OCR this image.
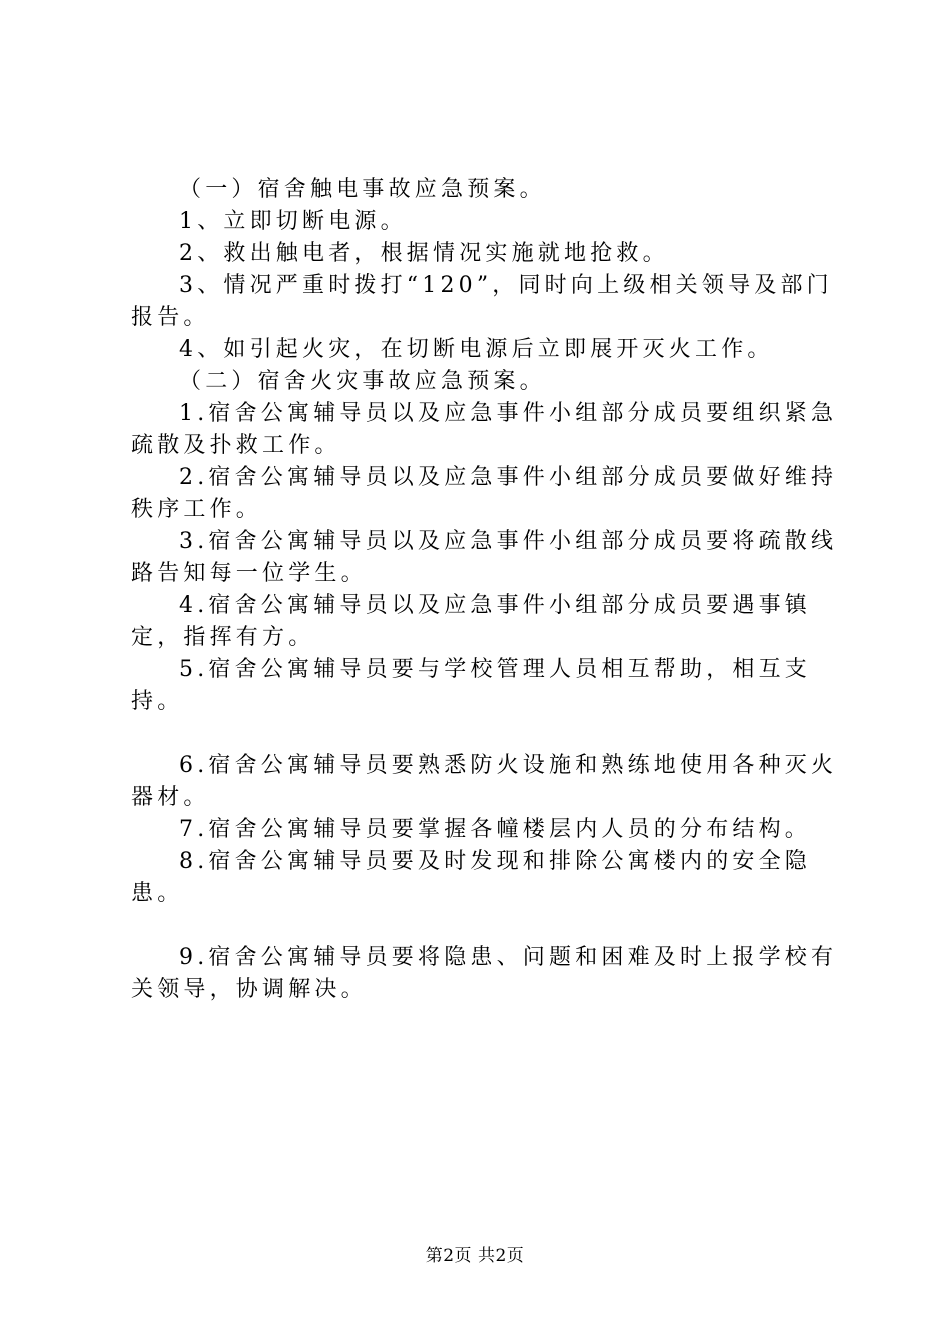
（一）宿舍触电事故应急预案。

1、立即切断电源。

2、救出触电者，根据情况实施就地抢救。

3、情况严重时拨打“120”，同时向上级相关领导及部门报告。

4、如引起火灾，在切断电源后立即展开灭火工作。

（二）宿舍火灾事故应急预案。

1.宿舍公寓辅导员以及应急事件小组部分成员要组织紧急疏散及扑救工作。

2.宿舍公寓辅导员以及应急事件小组部分成员要做好维持秩序工作。

3.宿舍公寓辅导员以及应急事件小组部分成员要将疏散线路告知每一位学生。

4.宿舍公寓辅导员以及应急事件小组部分成员要遇事镇定，指挥有方。

5.宿舍公寓辅导员要与学校管理人员相互帮助，相互支持。

6.宿舍公寓辅导员要熟悉防火设施和熟练地使用各种灭火器材。

7.宿舍公寓辅导员要掌握各幢楼层内人员的分布结构。

8.宿舍公寓辅导员要及时发现和排除公寓楼内的安全隐患。

9.宿舍公寓辅导员要将隐患、问题和困难及时上报学校有关领导，协调解决。

第2页 共2页
